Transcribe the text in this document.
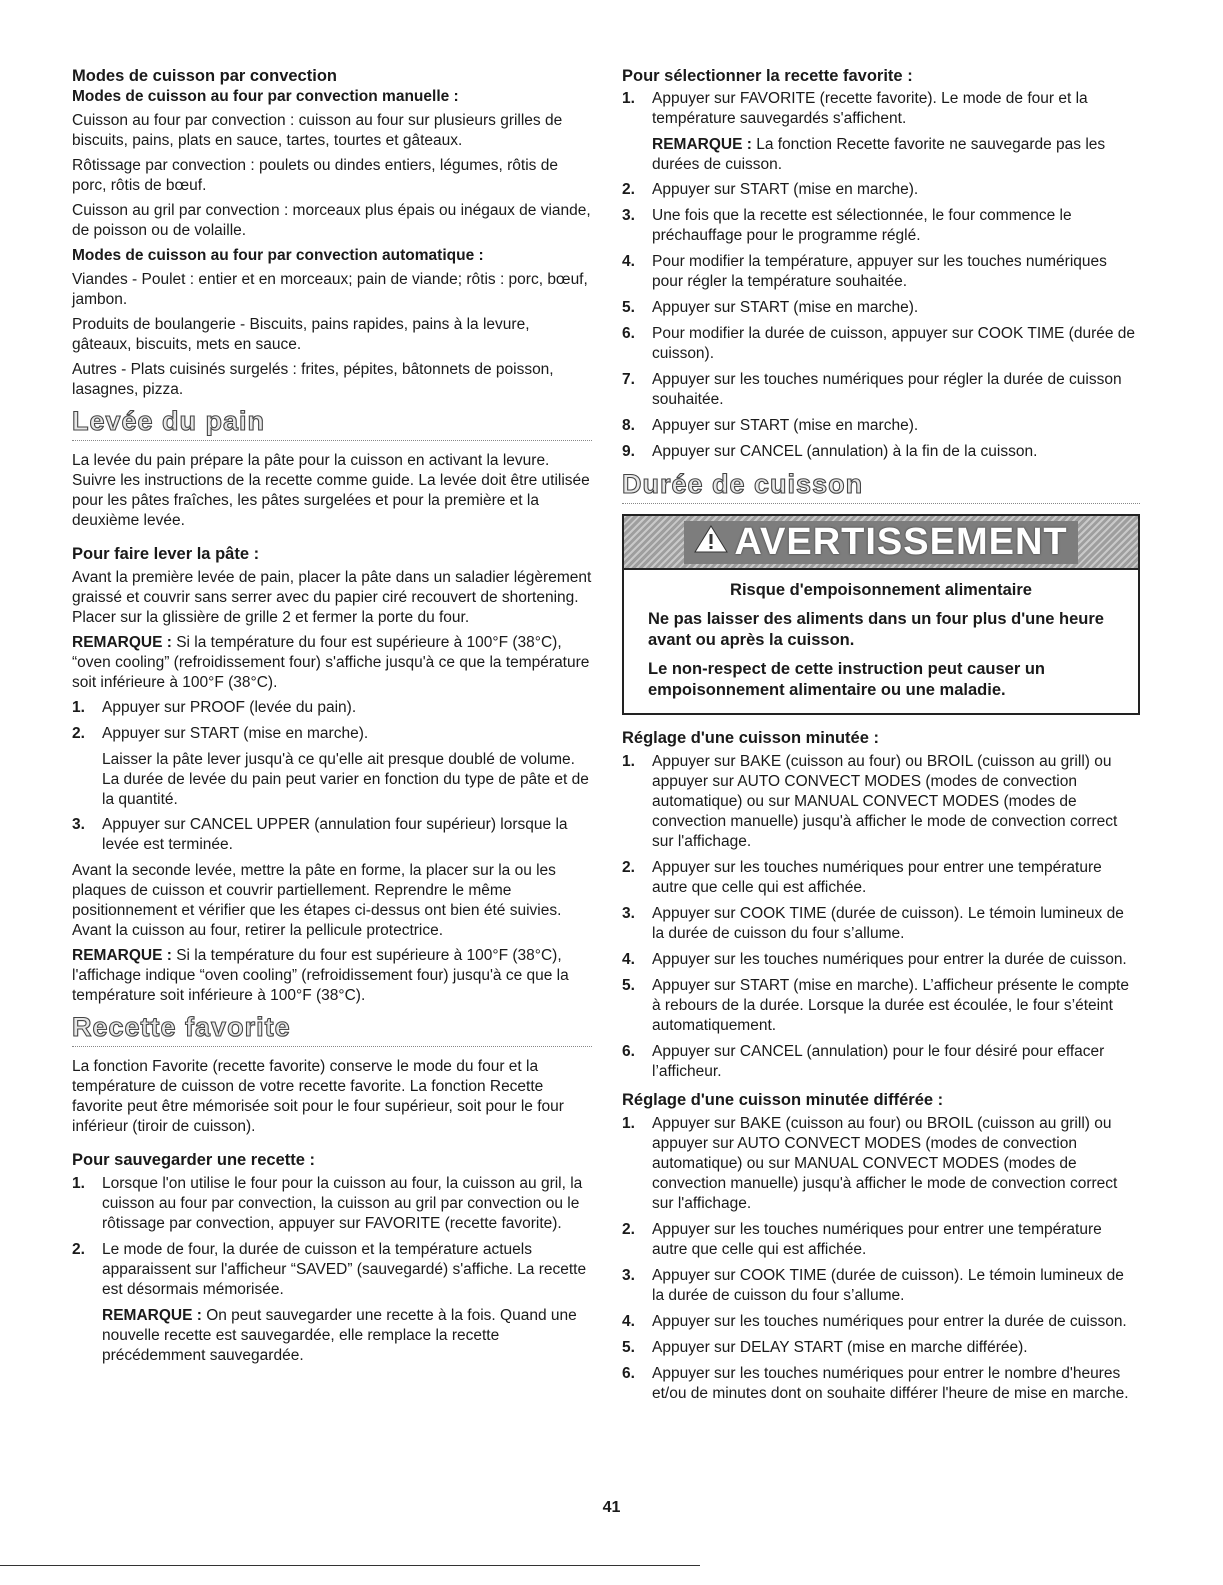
Modes de cuisson par convection
Modes de cuisson au four par convection manuelle :

Cuisson au four par convection : cuisson au four sur plusieurs grilles de biscuits, pains, plats en sauce, tartes, tourtes et gâteaux.

Rôtissage par convection : poulets ou dindes entiers, légumes, rôtis de porc, rôtis de bœuf.

Cuisson au gril par convection : morceaux plus épais ou inégaux de viande, de poisson ou de volaille.

Modes de cuisson au four par convection automatique :

Viandes - Poulet : entier et en morceaux; pain de viande; rôtis : porc, bœuf, jambon.

Produits de boulangerie - Biscuits, pains rapides, pains à la levure, gâteaux, biscuits, mets en sauce.

Autres - Plats cuisinés surgelés : frites, pépites, bâtonnets de poisson, lasagnes, pizza.

Levée du pain

La levée du pain prépare la pâte pour la cuisson en activant la levure. Suivre les instructions de la recette comme guide. La levée doit être utilisée pour les pâtes fraîches, les pâtes surgelées et pour la première et la deuxième levée.

Pour faire lever la pâte :

Avant la première levée de pain, placer la pâte dans un saladier légèrement graissé et couvrir sans serrer avec du papier ciré recouvert de shortening. Placer sur la glissière de grille 2 et fermer la porte du four.

REMARQUE : Si la température du four est supérieure à 100°F (38°C), “oven cooling” (refroidissement four) s'affiche jusqu'à ce que la température soit inférieure à 100°F (38°C).

1. Appuyer sur PROOF (levée du pain).
2. Appuyer sur START (mise en marche).

Laisser la pâte lever jusqu'à ce qu'elle ait presque doublé de volume. La durée de levée du pain peut varier en fonction du type de pâte et de la quantité.

3. Appuyer sur CANCEL UPPER (annulation four supérieur) lorsque la levée est terminée.

Avant la seconde levée, mettre la pâte en forme, la placer sur la ou les plaques de cuisson et couvrir partiellement. Reprendre le même positionnement et vérifier que les étapes ci-dessus ont bien été suivies. Avant la cuisson au four, retirer la pellicule protectrice.

REMARQUE : Si la température du four est supérieure à 100°F (38°C), l'affichage indique “oven cooling” (refroidissement four) jusqu'à ce que la température soit inférieure à 100°F (38°C).

Recette favorite

La fonction Favorite (recette favorite) conserve le mode du four et la température de cuisson de votre recette favorite. La fonction Recette favorite peut être mémorisée soit pour le four supérieur, soit pour le four inférieur (tiroir de cuisson).

Pour sauvegarder une recette :
1. Lorsque l'on utilise le four pour la cuisson au four, la cuisson au gril, la cuisson au four par convection, la cuisson au gril par convection ou le rôtissage par convection, appuyer sur FAVORITE (recette favorite).
2. Le mode de four, la durée de cuisson et la température actuels apparaissent sur l'afficheur “SAVED” (sauvegardé) s'affiche. La recette est désormais mémorisée.

REMARQUE : On peut sauvegarder une recette à la fois. Quand une nouvelle recette est sauvegardée, elle remplace la recette précédemment sauvegardée.

Pour sélectionner la recette favorite :
1. Appuyer sur FAVORITE (recette favorite). Le mode de four et la température sauvegardés s'affichent.

REMARQUE : La fonction Recette favorite ne sauvegarde pas les durées de cuisson.

2. Appuyer sur START (mise en marche).
3. Une fois que la recette est sélectionnée, le four commence le préchauffage pour le programme réglé.
4. Pour modifier la température, appuyer sur les touches numériques pour régler la température souhaitée.
5. Appuyer sur START (mise en marche).
6. Pour modifier la durée de cuisson, appuyer sur COOK TIME (durée de cuisson).
7. Appuyer sur les touches numériques pour régler la durée de cuisson souhaitée.
8. Appuyer sur START (mise en marche).
9. Appuyer sur CANCEL (annulation) à la fin de la cuisson.
Durée de cuisson
AVERTISSEMENT

Risque d'empoisonnement alimentaire

Ne pas laisser des aliments dans un four plus d'une heure avant ou après la cuisson.

Le non-respect de cette instruction peut causer un empoisonnement alimentaire ou une maladie.

Réglage d'une cuisson minutée :
1. Appuyer sur BAKE (cuisson au four) ou BROIL (cuisson au grill) ou appuyer sur AUTO CONVECT MODES (modes de convection automatique) ou sur MANUAL CONVECT MODES (modes de convection manuelle) jusqu'à afficher le mode de convection correct sur l'affichage.
2. Appuyer sur les touches numériques pour entrer une température autre que celle qui est affichée.
3. Appuyer sur COOK TIME (durée de cuisson). Le témoin lumineux de la durée de cuisson du four s’allume.
4. Appuyer sur les touches numériques pour entrer la durée de cuisson.
5. Appuyer sur START (mise en marche). L’afficheur présente le compte à rebours de la durée. Lorsque la durée est écoulée, le four s’éteint automatiquement.
6. Appuyer sur CANCEL (annulation) pour le four désiré pour effacer l’afficheur.
Réglage d'une cuisson minutée différée :
1. Appuyer sur BAKE (cuisson au four) ou BROIL (cuisson au grill) ou appuyer sur AUTO CONVECT MODES (modes de convection automatique) ou sur MANUAL CONVECT MODES (modes de convection manuelle) jusqu'à afficher le mode de convection correct sur l'affichage.
2. Appuyer sur les touches numériques pour entrer une température autre que celle qui est affichée.
3. Appuyer sur COOK TIME (durée de cuisson). Le témoin lumineux de la durée de cuisson du four s’allume.
4. Appuyer sur les touches numériques pour entrer la durée de cuisson.
5. Appuyer sur DELAY START (mise en marche différée).
6. Appuyer sur les touches numériques pour entrer le nombre d'heures et/ou de minutes dont on souhaite différer l'heure de mise en marche.
41
